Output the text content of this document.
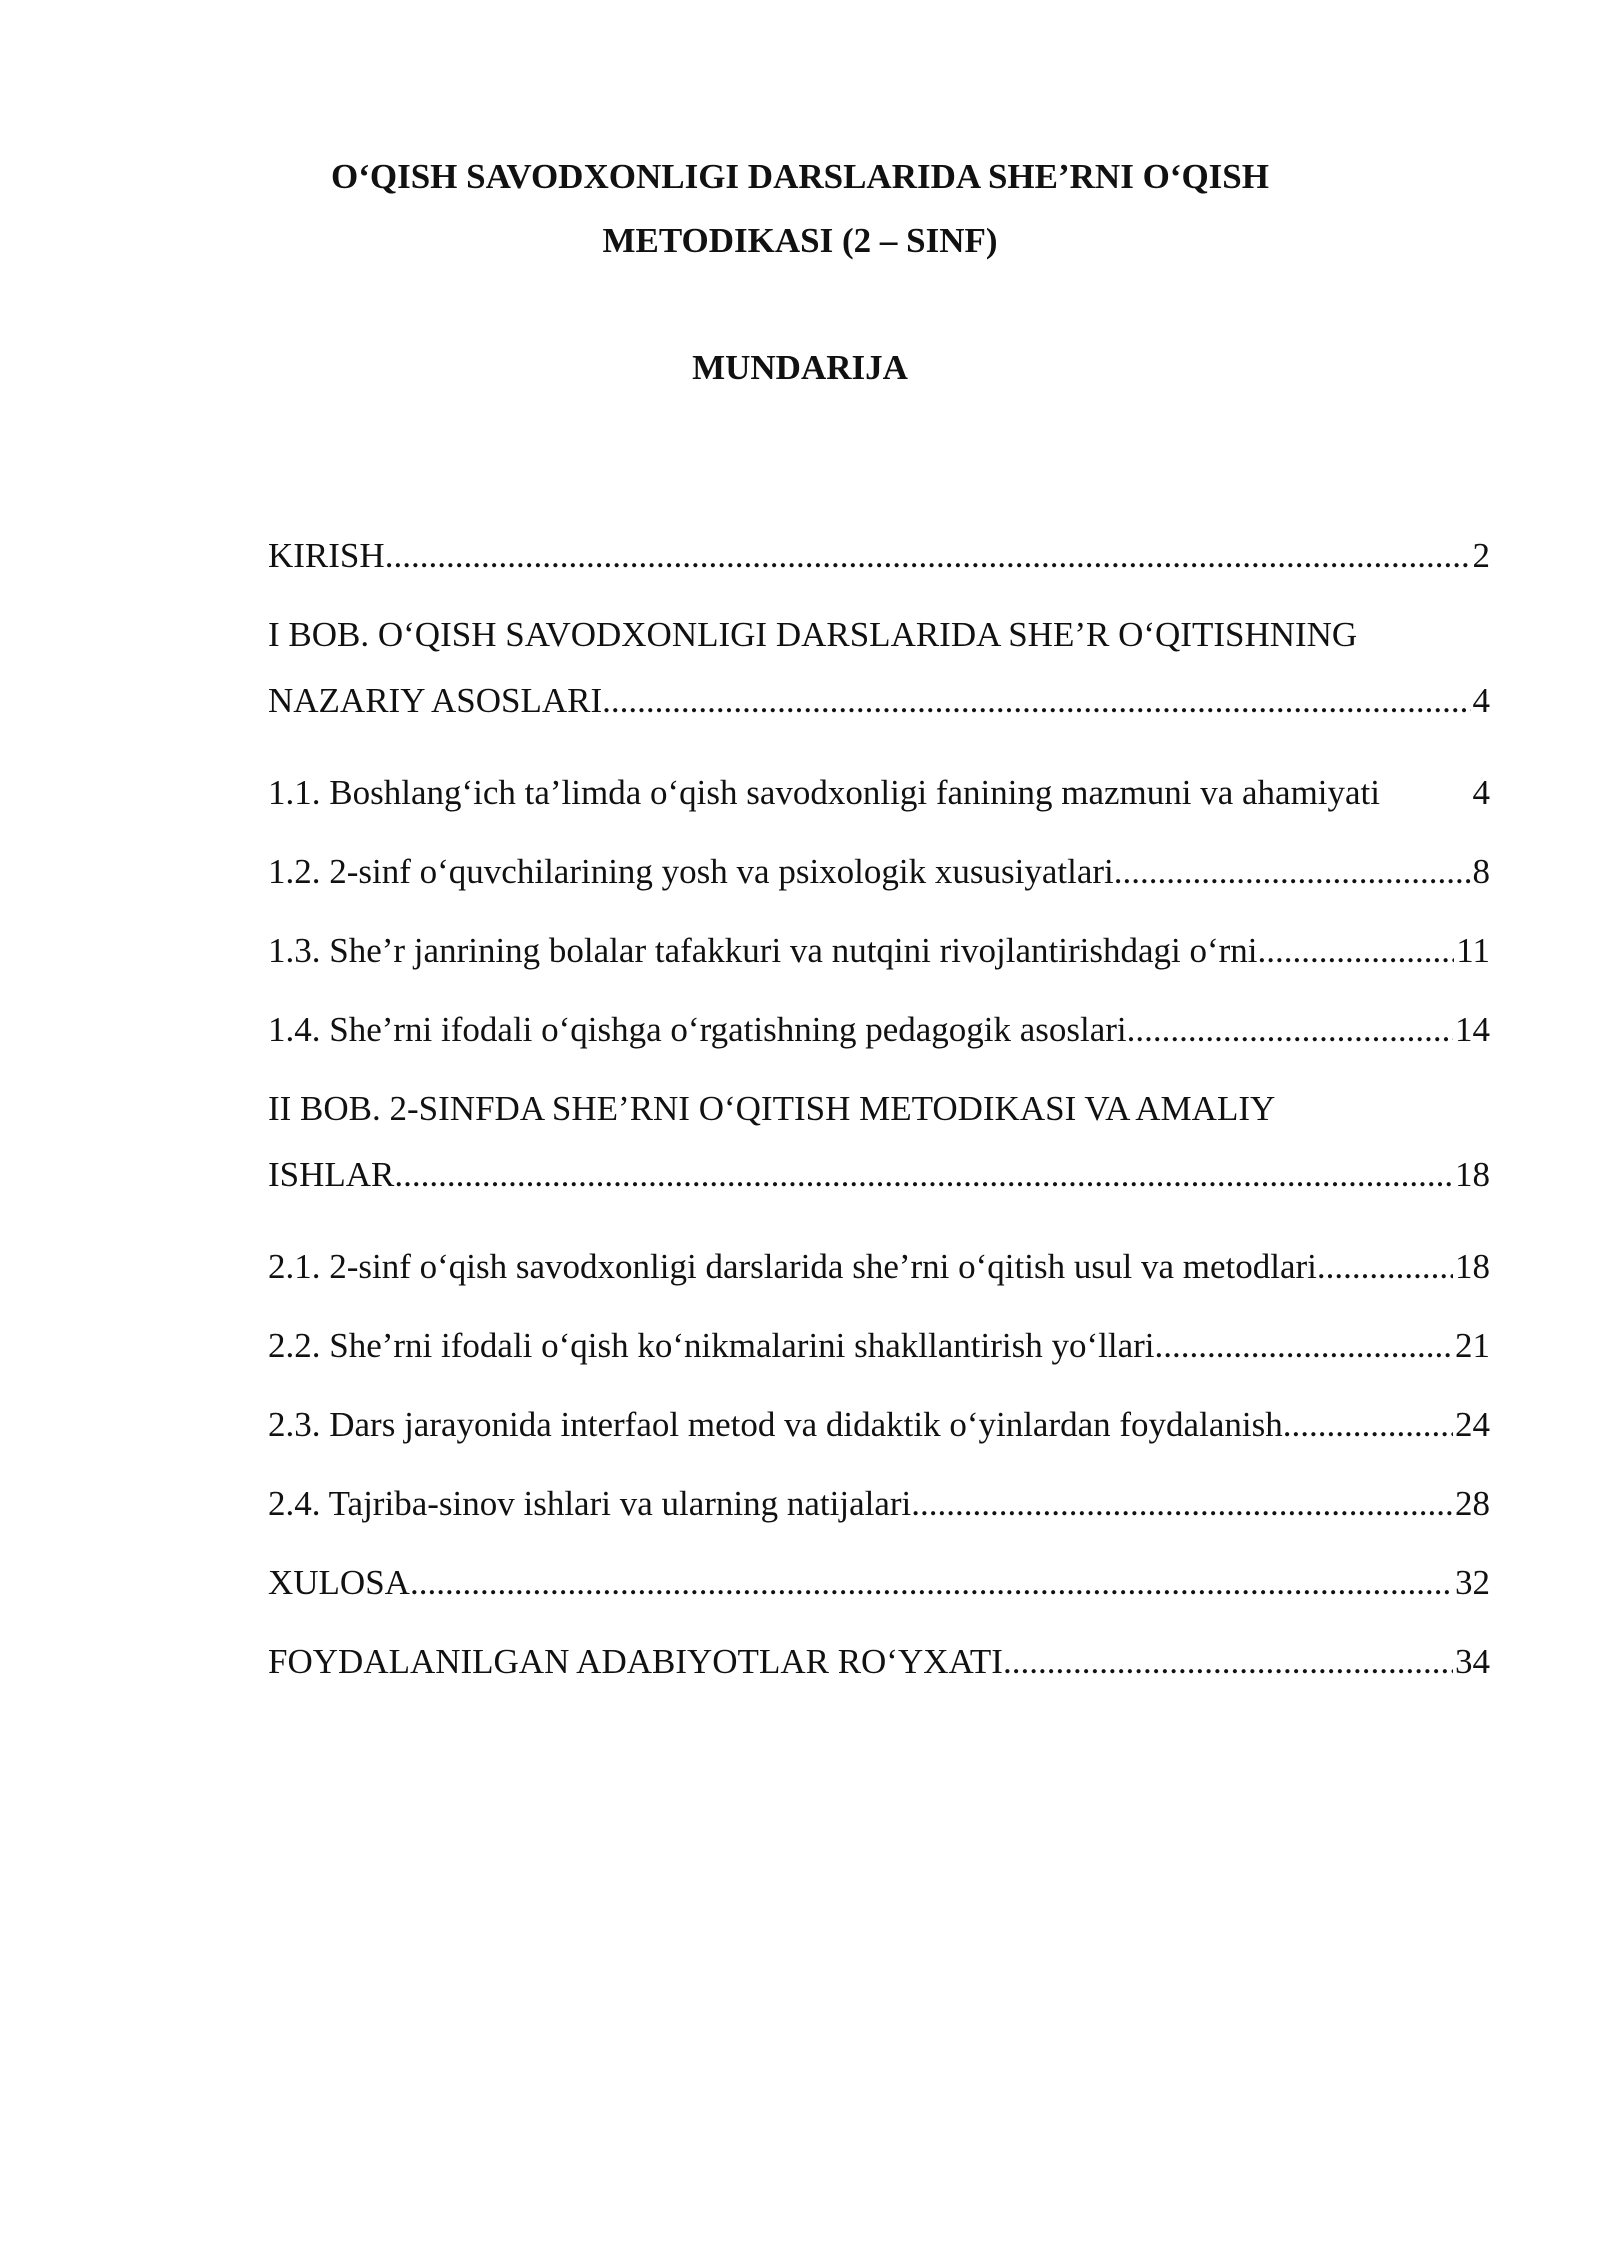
O‘QISH SAVODXONLIGI DARSLARIDA SHE’RNI O‘QISH
METODIKASI (2 – SINF)
MUNDARIJA
KIRISH .....	2
I BOB. O‘QISH SAVODXONLIGI DARSLARIDA SHE’R O‘QITISHNING
NAZARIY ASOSLARI .....	4
1.1. Boshlang‘ich ta’limda o‘qish savodxonligi fanining mazmuni va ahamiyati	4
1.2. 2-sinf o‘quvchilarining yosh va psixologik xususiyatlari .....	8
1.3. She’r janrining bolalar tafakkuri va nutqini rivojlantirishdagi o‘rni .....	11
1.4. She’rni ifodali o‘qishga o‘rgatishning pedagogik asoslari .....	14
II BOB. 2-SINFDA SHE’RNI O‘QITISH METODIKASI VA AMALIY
ISHLAR .....	18
2.1. 2-sinf o‘qish savodxonligi darslarida she’rni o‘qitish usul va metodlari .....	18
2.2. She’rni ifodali o‘qish ko‘nikmalarini shakllantirish yo‘llari .....	21
2.3. Dars jarayonida interfaol metod va didaktik o‘yinlardan foydalanish .....	24
2.4. Tajriba-sinov ishlari va ularning natijalari .....	28
XULOSA .....	32
FOYDALANILGAN ADABIYOTLAR RO‘YXATI .....	34
